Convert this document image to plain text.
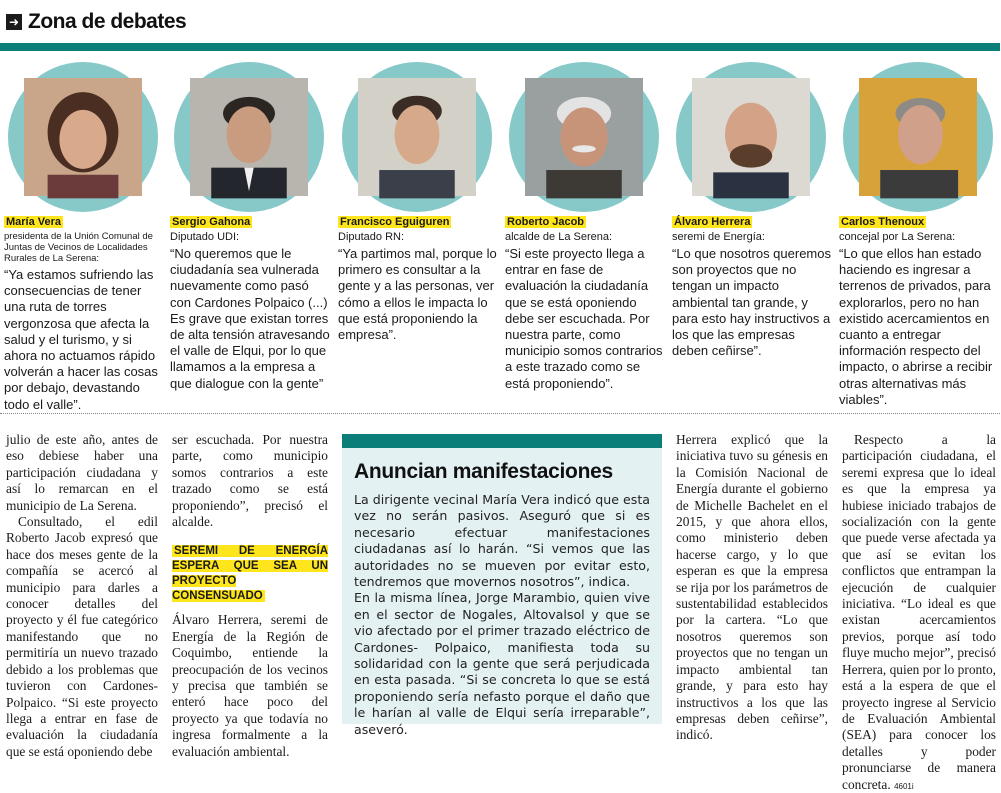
➜ Zona de debates
María Vera
presidenta de la Unión Comunal de Juntas de Vecinos de Localidades Rurales de La Serena:
“Ya estamos sufriendo las consecuencias de tener una ruta de torres vergonzosa que afecta la salud y el turismo, y si ahora no actuamos rápido volverán a hacer las cosas por debajo, devastando todo el valle”.
Sergio Gahona
Diputado UDI:
“No queremos que le ciudadanía sea vulnerada nuevamente como pasó con Cardones Polpaico (...) Es grave que existan torres de alta tensión atravesando el valle de Elqui, por lo que llamamos a la empresa a que dialogue con la gente”
Francisco Eguiguren
Diputado RN:
“Ya partimos mal, porque lo primero es consultar a la gente y a las personas, ver cómo a ellos le impacta lo que está proponiendo la empresa”.
Roberto Jacob
alcalde de La Serena:
“Si este proyecto llega a entrar en fase de evaluación la ciudadanía que se está oponiendo debe ser escuchada. Por nuestra parte, como municipio somos contrarios a este trazado como se está proponiendo”.
Álvaro Herrera
seremi de Energía:
“Lo que nosotros queremos son proyectos que no tengan un impacto ambiental tan grande, y para esto hay instructivos a los que las empresas deben ceñirse”.
Carlos Thenoux
concejal por La Serena:
“Lo que ellos han estado haciendo es ingresar a terrenos de privados, para explorarlos, pero no han existido acercamientos en cuanto a entregar información respecto del impacto, o abrirse a recibir otras alternativas más viables”.

julio de este año, antes de eso debiese haber una participación ciudadana y así lo remarcan en el municipio de La Serena.

Consultado, el edil Roberto Jacob expresó que hace dos meses gente de la compañía se acercó al municipio para darles a conocer detalles del proyecto y él fue categórico manifestando que no permitiría un nuevo trazado debido a los problemas que tuvieron con Cardones-Polpaico. “Si este proyecto llega a entrar en fase de evaluación la ciudadanía que se está oponiendo debe

ser escuchada. Por nuestra parte, como municipio somos contrarios a este trazado como se está proponiendo”, precisó el alcalde.

SEREMI DE ENERGÍA ESPERA QUE SEA UN PROYECTO CONSENSUADO

Álvaro Herrera, seremi de Energía de la Región de Coquimbo, entiende la preocupación de los vecinos y precisa que también se enteró hace poco del proyecto ya que todavía no ingresa formalmente a la evaluación ambiental.

Anuncian manifestaciones

La dirigente vecinal María Vera indicó que esta vez no serán pasivos. Aseguró que si es necesario efectuar manifestaciones ciudadanas así lo harán. “Si vemos que las autoridades no se mueven por evitar esto, tendremos que movernos nosotros”, indica.

En la misma línea, Jorge Marambio, quien vive en el sector de Nogales, Altovalsol y que se vio afectado por el primer trazado eléctrico de Cardones- Polpaico, manifiesta toda su solidaridad con la gente que será perjudicada en esta pasada. “Si se concreta lo que se está proponiendo sería nefasto porque el daño que le harían al valle de Elqui sería irreparable”, aseveró.

Herrera explicó que la iniciativa tuvo su génesis en la Comisión Nacional de Energía durante el gobierno de Michelle Bachelet en el 2015, y que ahora ellos, como ministerio deben hacerse cargo, y lo que esperan es que la empresa se rija por los parámetros de sustentabilidad establecidos por la cartera. “Lo que nosotros queremos son proyectos que no tengan un impacto ambiental tan grande, y para esto hay instructivos a los que las empresas deben ceñirse”, indicó.

Respecto a la participación ciudadana, el seremi expresa que lo ideal es que la empresa ya hubiese iniciado trabajos de socialización con la gente que puede verse afectada ya que así se evitan los conflictos que entrampan la ejecución de cualquier iniciativa. “Lo ideal es que existan acercamientos previos, porque así todo fluye mucho mejor”, precisó Herrera, quien por lo pronto, está a la espera de que el proyecto ingrese al Servicio de Evaluación Ambiental (SEA) para conocer los detalles y poder pronunciarse de manera concreta. 4601i
